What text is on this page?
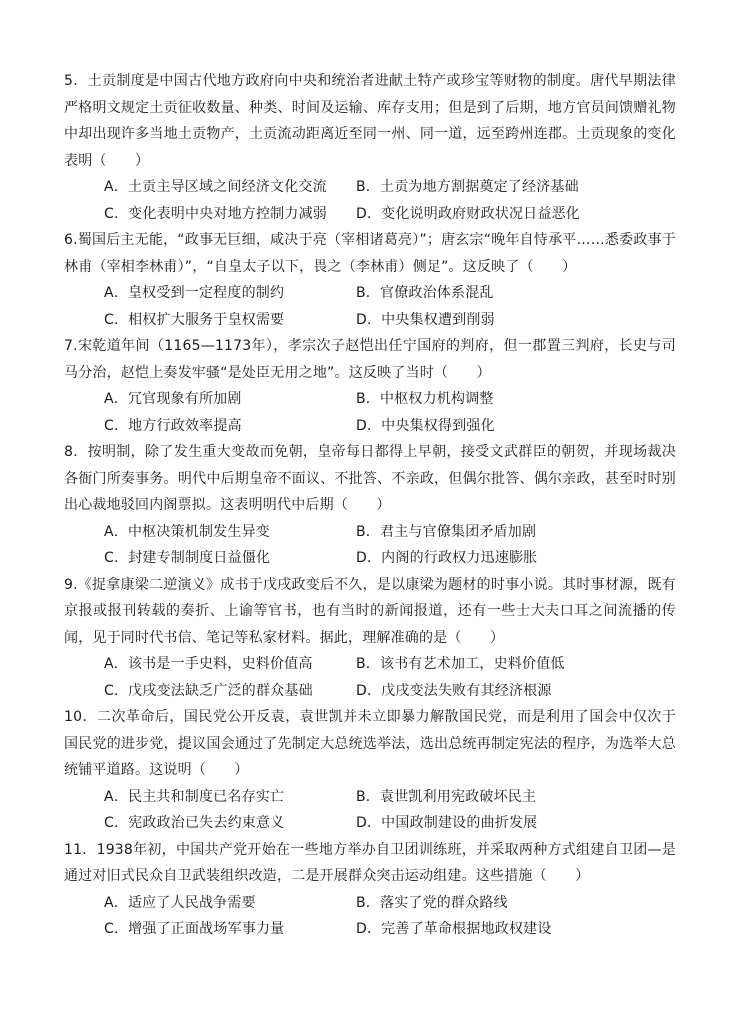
5．土贡制度是中国古代地方政府向中央和统治者进献土特产或珍宝等财物的制度。唐代早期法律严格明文规定土贡征收数量、种类、时间及运输、库存支用；但是到了后期，地方官员间馈赠礼物中却出现许多当地土贡物产，土贡流动距离近至同一州、同一道，远至跨州连郡。土贡现象的变化表明（　　）

A．土贡主导区域之间经济文化交流	B．土贡为地方割据奠定了经济基础
C．变化表明中央对地方控制力减弱	D．变化说明政府财政状况日益恶化

6.蜀国后主无能，“政事无巨细，咸决于亮（宰相诸葛亮）”；唐玄宗“晚年自恃承平……悉委政事于林甫（宰相李林甫）”，“自皇太子以下，畏之（李林甫）侧足”。这反映了（　　）

A．皇权受到一定程度的制约	B．官僚政治体系混乱
C．相权扩大服务于皇权需要	D．中央集权遭到削弱

7.宋乾道年间（1165—1173年），孝宗次子赵恺出任宁国府的判府，但一郡置三判府，长史与司马分治，赵恺上奏发牢骚“是处臣无用之地”。这反映了当时（　　）

A．冗官现象有所加剧	B．中枢权力机构调整
C．地方行政效率提高	D．中央集权得到强化

8．按明制，除了发生重大变故而免朝，皇帝每日都得上早朝，接受文武群臣的朝贺，并现场裁决各衙门所奏事务。明代中后期皇帝不面议、不批答、不亲政，但偶尔批答、偶尔亲政，甚至时时别出心裁地驳回内阁票拟。这表明明代中后期（　　）

A．中枢决策机制发生异变	B．君主与官僚集团矛盾加剧
C．封建专制制度日益僵化	D．内阁的行政权力迅速膨胀

9.《捉拿康梁二逆演义》成书于戊戌政变后不久，是以康梁为题材的时事小说。其时事材源，既有京报或报刊转载的奏折、上谕等官书，也有当时的新闻报道，还有一些士大夫口耳之间流播的传闻，见于同时代书信、笔记等私家材料。据此，理解准确的是（　　）

A．该书是一手史料，史料价值高	B．该书有艺术加工，史料价值低
C．戊戌变法缺乏广泛的群众基础	D．戊戌变法失败有其经济根源

10．二次革命后，国民党公开反袁，袁世凯并未立即暴力解散国民党，而是利用了国会中仅次于国民党的进步党，提议国会通过了先制定大总统选举法，选出总统再制定宪法的程序，为选举大总统铺平道路。这说明（　　）

A．民主共和制度已名存实亡	B．袁世凯利用宪政破坏民主
C．宪政政治已失去约束意义	D．中国政制建设的曲折发展

11．1938年初，中国共产党开始在一些地方举办自卫团训练班，并采取两种方式组建自卫团—是通过对旧式民众自卫武装组织改造，二是开展群众突击运动组建。这些措施（　　）

A．适应了人民战争需要	B．落实了党的群众路线
C．增强了正面战场军事力量	D．完善了革命根据地政权建设
